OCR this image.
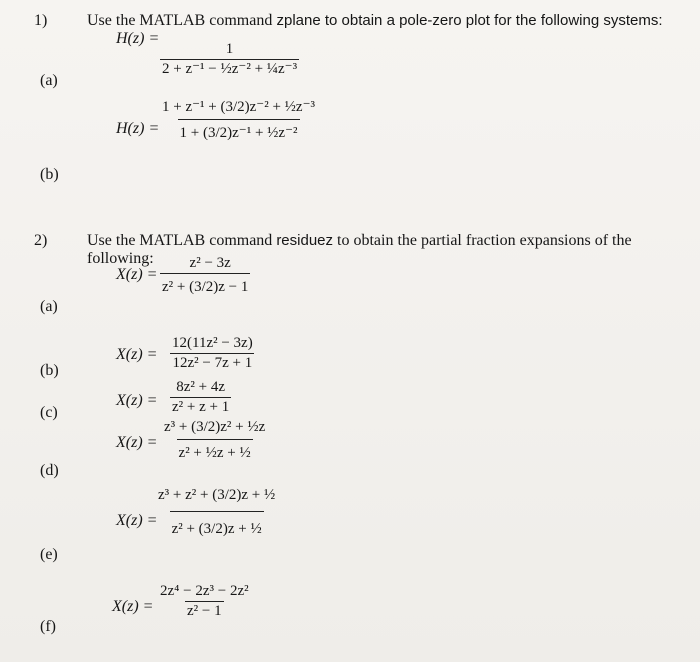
1) Use the MATLAB command zplane to obtain a pole-zero plot for the following systems:
H(z) =
$\frac{1}{\text{2 + z⁻¹ − ½z⁻² + ¼z⁻³}}$
(a)
$\frac{\text{1 + z⁻¹ + (3/2)z⁻² + ½z⁻³}}{\text{1 + (3/2)z⁻¹ + ½z⁻²}}$
H(z) =
(b)
2) Use the MATLAB command residuez to obtain the partial fraction expansions of the
following:
$X(z) = \frac{\text{z² − 3z}}{\text{z² + (3/2)z − 1}}$
(a)
$X(z) = \frac{\text{12(11z² − 3z)}}{\text{12z² − 7z + 1}}$
(b)
$X(z) = \frac{\text{8z² + 4z}}{\text{z² + z + 1}}$
(c)
$X(z) = \frac{\text{z³ + (3/2)z² + ½z}}{\text{z² + ½z + ½}}$
(d)
X(z) =
$\frac{\text{z³ + z² + (3/2)z + ½}}{\text{z² + (3/2)z + ½}}$
(e)
$X(z) = \frac{\text{2z⁴ − 2z³ − 2z²}}{\text{z² − 1}}$
(f)
